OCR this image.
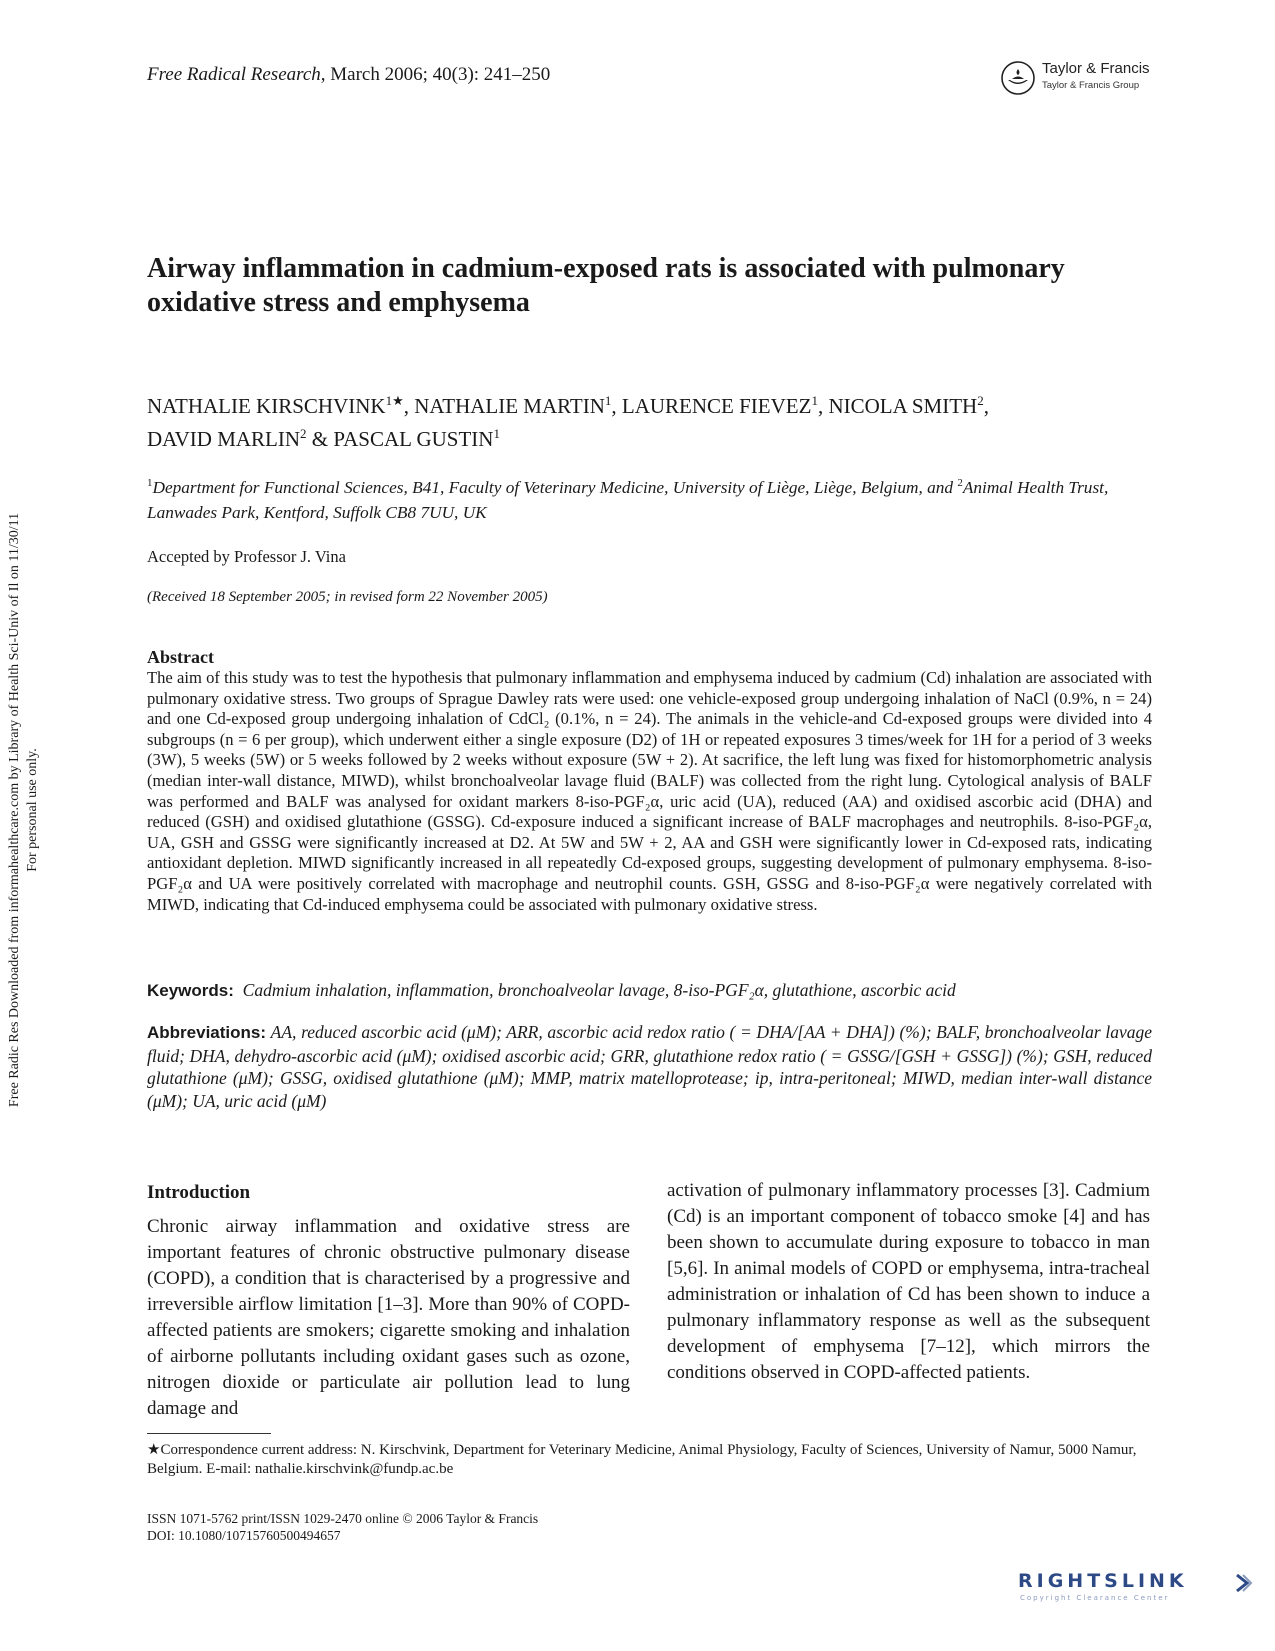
Free Radical Research, March 2006; 40(3): 241–250	Taylor & Francis
Taylor & Francis Group
Airway inflammation in cadmium-exposed rats is associated with pulmonary oxidative stress and emphysema
NATHALIE $KIRSCHVINK^{1★}$, NATHALIE MARTIN$^1$, LAURENCE FIEVEZ$^1$, NICOLA SMITH$^2$,
DAVID MARLIN$^2$ & PASCAL GUSTIN$^1$
$^1$Department for Functional Sciences, B41, Faculty of Veterinary Medicine, University of Liège, Liège, Belgium, and $^2$Animal Health Trust, Lanwades Park, Kentford, Suffolk CB8 7UU, UK
Accepted by Professor J. Vina
(Received 18 September 2005; in revised form 22 November 2005)
Abstract
The aim of this study was to test the hypothesis that pulmonary inflammation and emphysema induced by cadmium (Cd) inhalation are associated with pulmonary oxidative stress. Two groups of Sprague Dawley rats were used: one vehicle-exposed group undergoing inhalation of NaCl (0.9%, n = 24) and one Cd-exposed group undergoing inhalation of CdCl₂ (0.1%, n = 24). The animals in the vehicle-and Cd-exposed groups were divided into 4 subgroups (n = 6 per group), which underwent either a single exposure (D2) of 1H or repeated exposures 3 times/week for 1H for a period of 3 weeks (3W), 5 weeks (5W) or 5 weeks followed by 2 weeks without exposure (5W + 2). At sacrifice, the left lung was fixed for histomorphometric analysis (median inter-wall distance, MIWD), whilst bronchoalveolar lavage fluid (BALF) was collected from the right lung. Cytological analysis of BALF was performed and BALF was analysed for oxidant markers 8-iso-PGF₂α, uric acid (UA), reduced (AA) and oxidised ascorbic acid (DHA) and reduced (GSH) and oxidised glutathione (GSSG). Cd-exposure induced a significant increase of BALF macrophages and neutrophils. 8-iso-PGF₂α, UA, GSH and GSSG were significantly increased at D2. At 5W and 5W + 2, AA and GSH were significantly lower in Cd-exposed rats, indicating antioxidant depletion. MIWD significantly increased in all repeatedly Cd-exposed groups, suggesting development of pulmonary emphysema. 8-iso-PGF₂α and UA were positively correlated with macrophage and neutrophil counts. GSH, GSSG and 8-iso-PGF₂α were negatively correlated with MIWD, indicating that Cd-induced emphysema could be associated with pulmonary oxidative stress.
Keywords: Cadmium inhalation, inflammation, bronchoalveolar lavage, 8-iso-PGF₂α, glutathione, ascorbic acid
Abbreviations: AA, reduced ascorbic acid (μM); ARR, ascorbic acid redox ratio ( = DHA/[AA + DHA]) (%); BALF, bronchoalveolar lavage fluid; DHA, dehydro-ascorbic acid (μM); oxidised ascorbic acid; GRR, glutathione redox ratio ( = GSSG/[GSH + GSSG]) (%); GSH, reduced glutathione (μM); GSSG, oxidised glutathione (μM); MMP, matrix matelloprotease; ip, intra-peritoneal; MIWD, median inter-wall distance (μM); UA, uric acid (μM)
Introduction
Chronic airway inflammation and oxidative stress are important features of chronic obstructive pulmonary disease (COPD), a condition that is characterised by a progressive and irreversible airflow limitation [1–3]. More than 90% of COPD-affected patients are smokers; cigarette smoking and inhalation of airborne pollutants including oxidant gases such as ozone, nitrogen dioxide or particulate air pollution lead to lung damage and
activation of pulmonary inflammatory processes [3]. Cadmium (Cd) is an important component of tobacco smoke [4] and has been shown to accumulate during exposure to tobacco in man [5,6]. In animal models of COPD or emphysema, intra-tracheal administration or inhalation of Cd has been shown to induce a pulmonary inflammatory response as well as the subsequent development of emphysema [7–12], which mirrors the conditions observed in COPD-affected patients.
★Correspondence current address: N. Kirschvink, Department for Veterinary Medicine, Animal Physiology, Faculty of Sciences, University of Namur, 5000 Namur, Belgium. E-mail: nathalie.kirschvink@fundp.ac.be
ISSN 1071-5762 print/ISSN 1029-2470 online © 2006 Taylor & Francis
DOI: 10.1080/10715760500494657
Free Radic Res Downloaded from informahealthcare.com by Library of Health Sci-Univ of Il on 11/30/11 For personal use only.
RIGHTSLINK
Copyright Clearance Center
